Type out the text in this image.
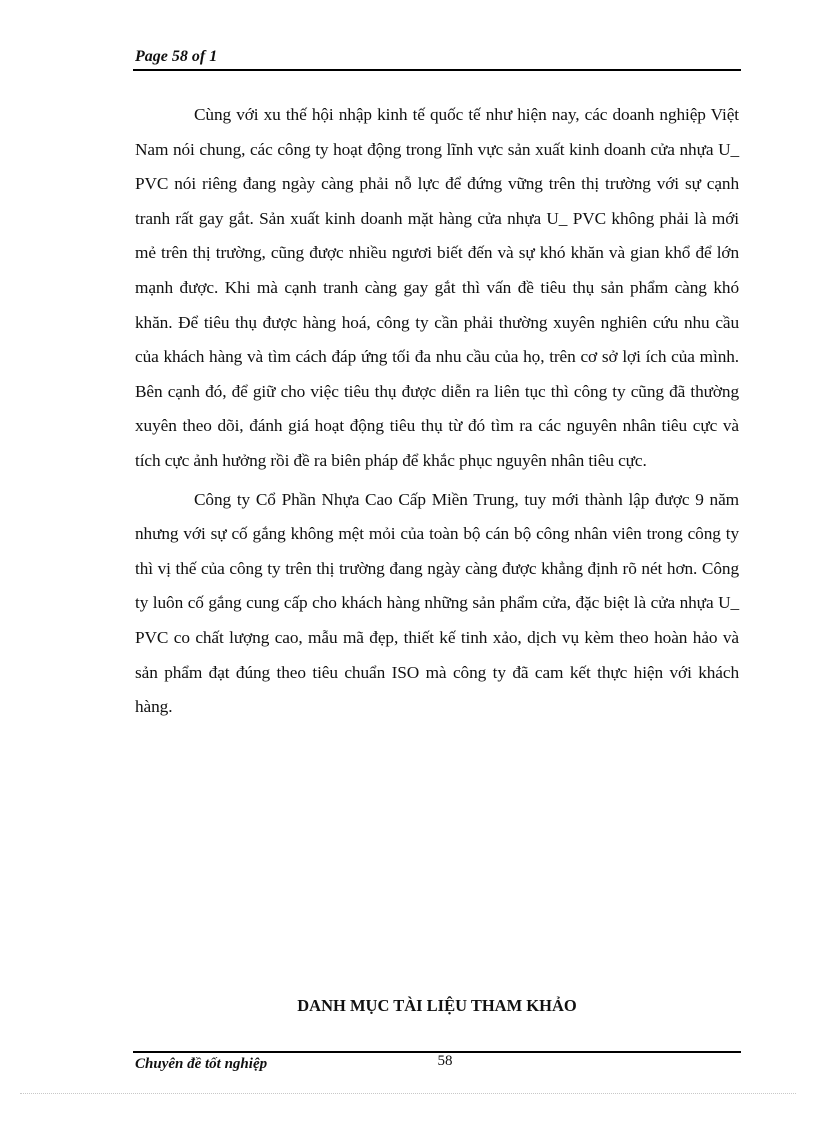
Page 58 of 1

Cùng với xu thế hội nhập kinh tế quốc tế như hiện nay, các doanh nghiệp Việt Nam nói chung, các công ty hoạt động trong lĩnh vực sản xuất kinh doanh cửa nhựa U_ PVC nói riêng đang ngày càng phải nỗ lực để đứng vững trên thị trường với sự cạnh tranh rất gay gắt. Sản xuất kinh doanh mặt hàng cửa nhựa U_ PVC không phải là mới mẻ trên thị trường, cũng được nhiều ngươi biết đến và sự khó khăn và gian khổ để lớn mạnh được. Khi mà cạnh tranh càng gay gắt thì vấn đề tiêu thụ sản phẩm càng khó khăn. Để tiêu thụ được hàng hoá, công ty cần phải thường xuyên nghiên cứu nhu cầu của khách hàng và tìm cách đáp ứng tối đa nhu cầu của họ, trên cơ sở lợi ích của mình. Bên cạnh đó, để giữ cho việc tiêu thụ được diễn ra liên tục thì công ty cũng đã thường xuyên theo dõi, đánh giá hoạt động tiêu thụ từ đó tìm ra các nguyên nhân tiêu cực và tích cực ảnh hưởng rồi đề ra biên pháp để khắc phục nguyên nhân tiêu cực.

Công ty Cổ Phần Nhựa Cao Cấp Miền Trung, tuy mới thành lập được 9 năm nhưng với sự cố gắng không mệt mỏi của toàn bộ cán bộ công nhân viên trong công ty thì vị thế của công ty trên thị trường đang ngày càng được khẳng định rõ nét hơn. Công ty luôn cố gắng cung cấp cho khách hàng những sản phẩm cửa, đặc biệt là cửa nhựa U_ PVC co chất lượng cao, mẫu mã đẹp, thiết kế tinh xảo, dịch vụ kèm theo hoàn hảo và sản phẩm đạt đúng theo tiêu chuẩn ISO mà công ty đã cam kết thực hiện với khách hàng.

DANH MỤC TÀI LIỆU THAM KHẢO
Chuyên đề tốt nghiệp	58
